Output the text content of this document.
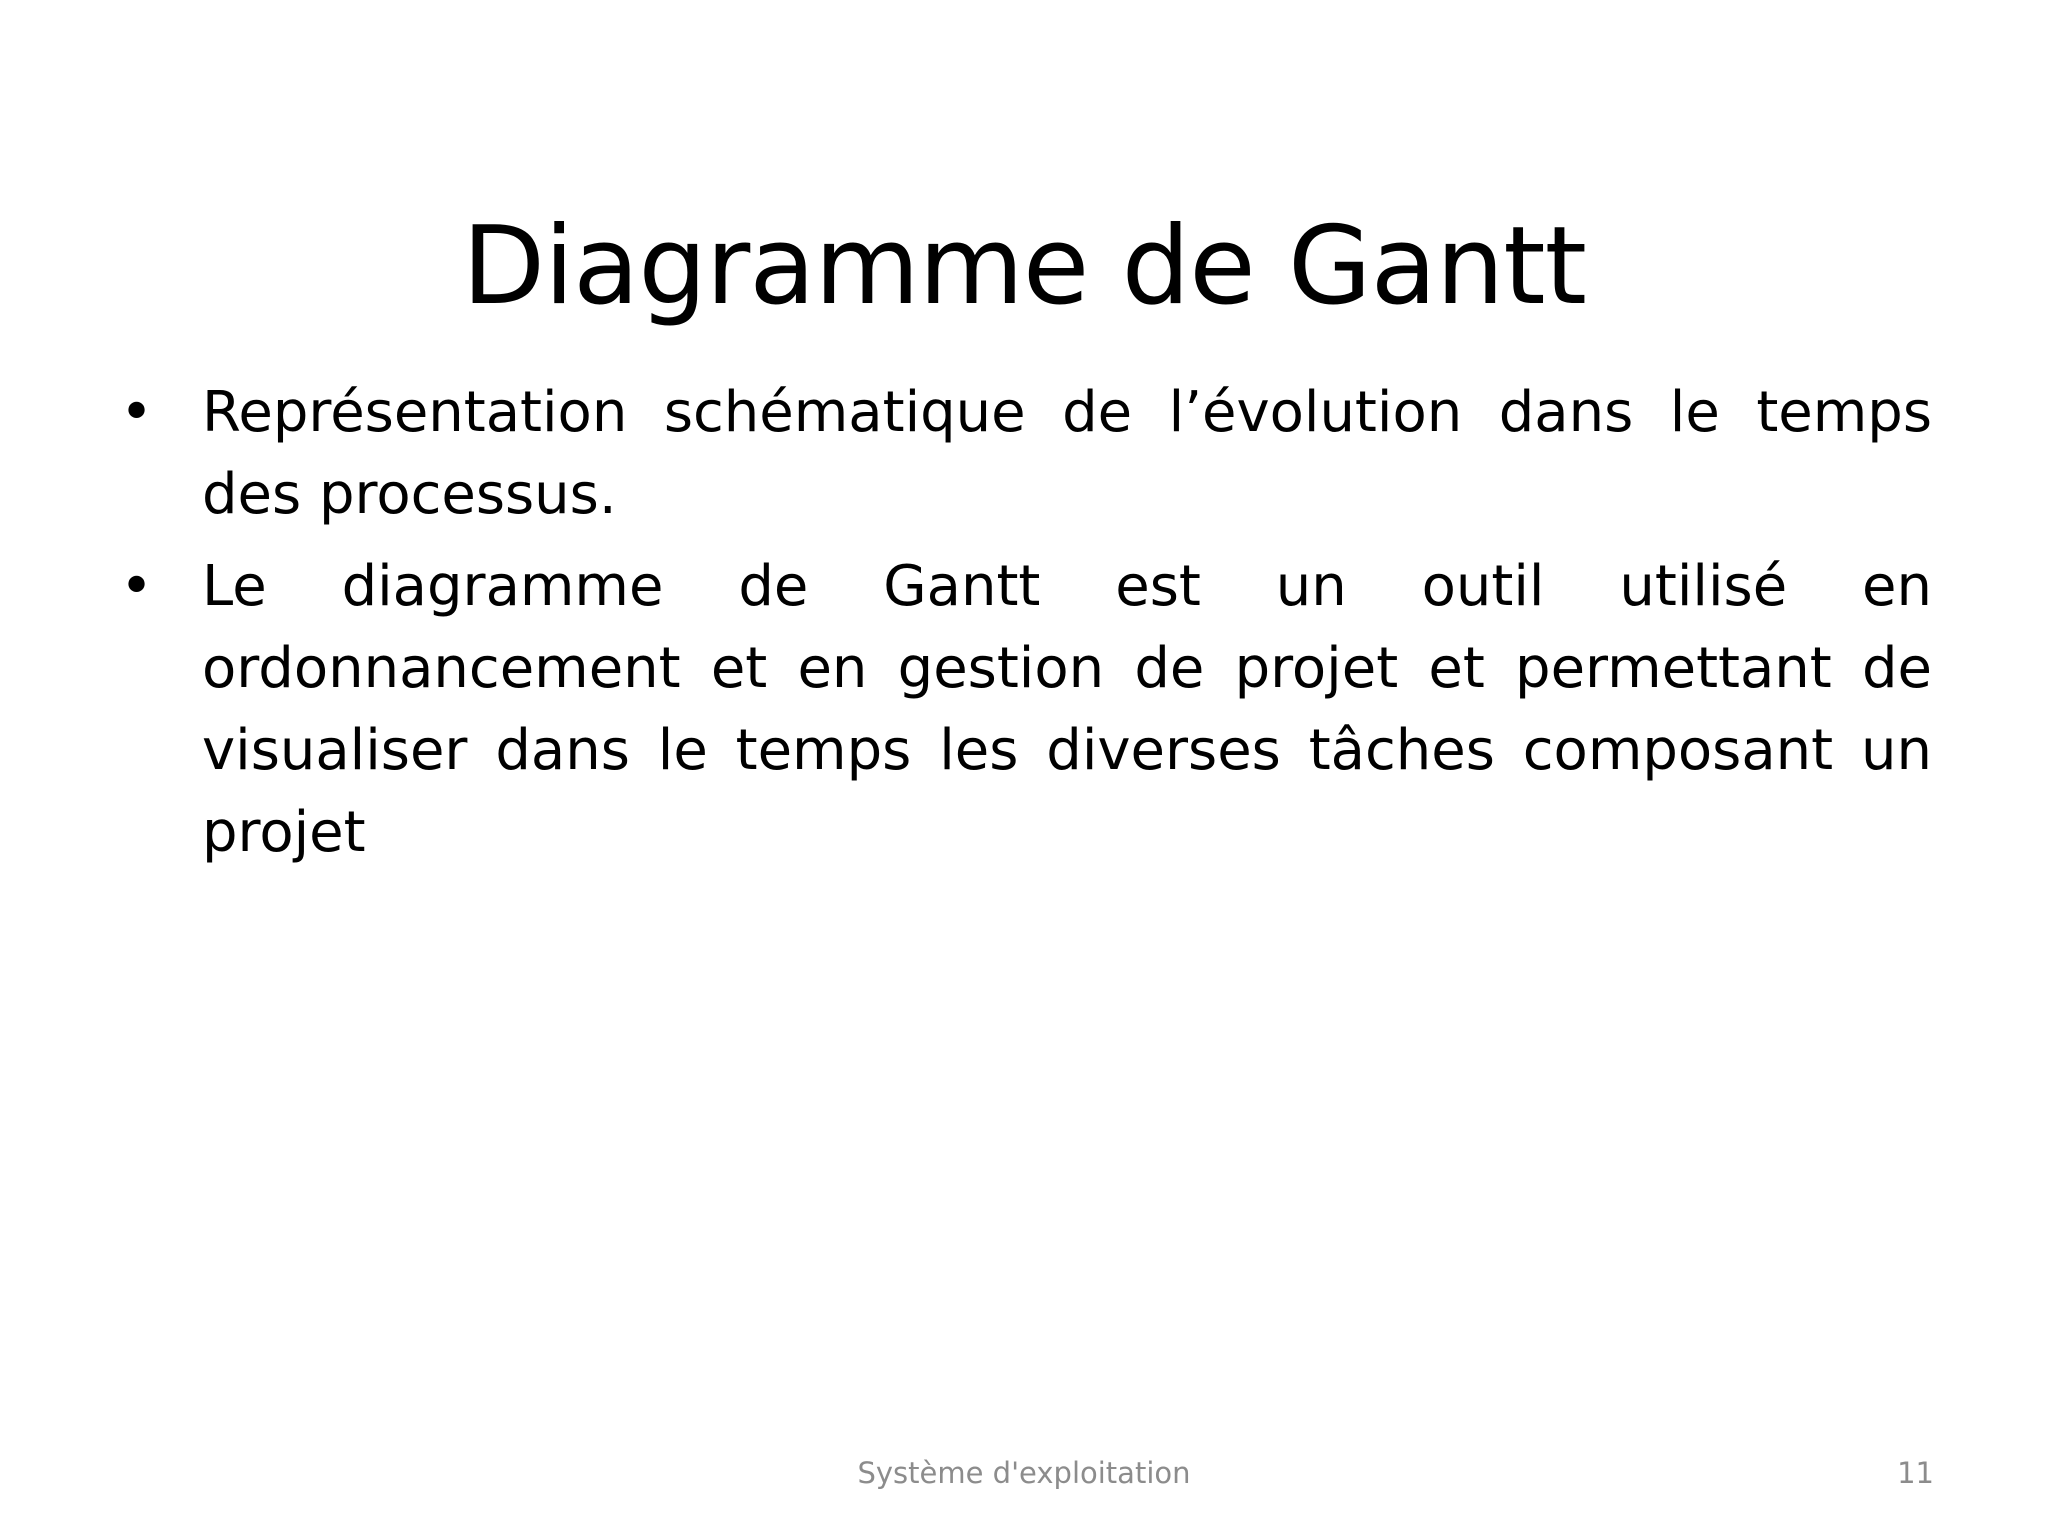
Diagramme de Gantt
• Représentation schématique de l’évolution dans le temps des processus.
• Le diagramme de Gantt est un outil utilisé en ordonnancement et en gestion de projet et permettant de visualiser dans le temps les diverses tâches composant un projet
Système d'exploitation	11
